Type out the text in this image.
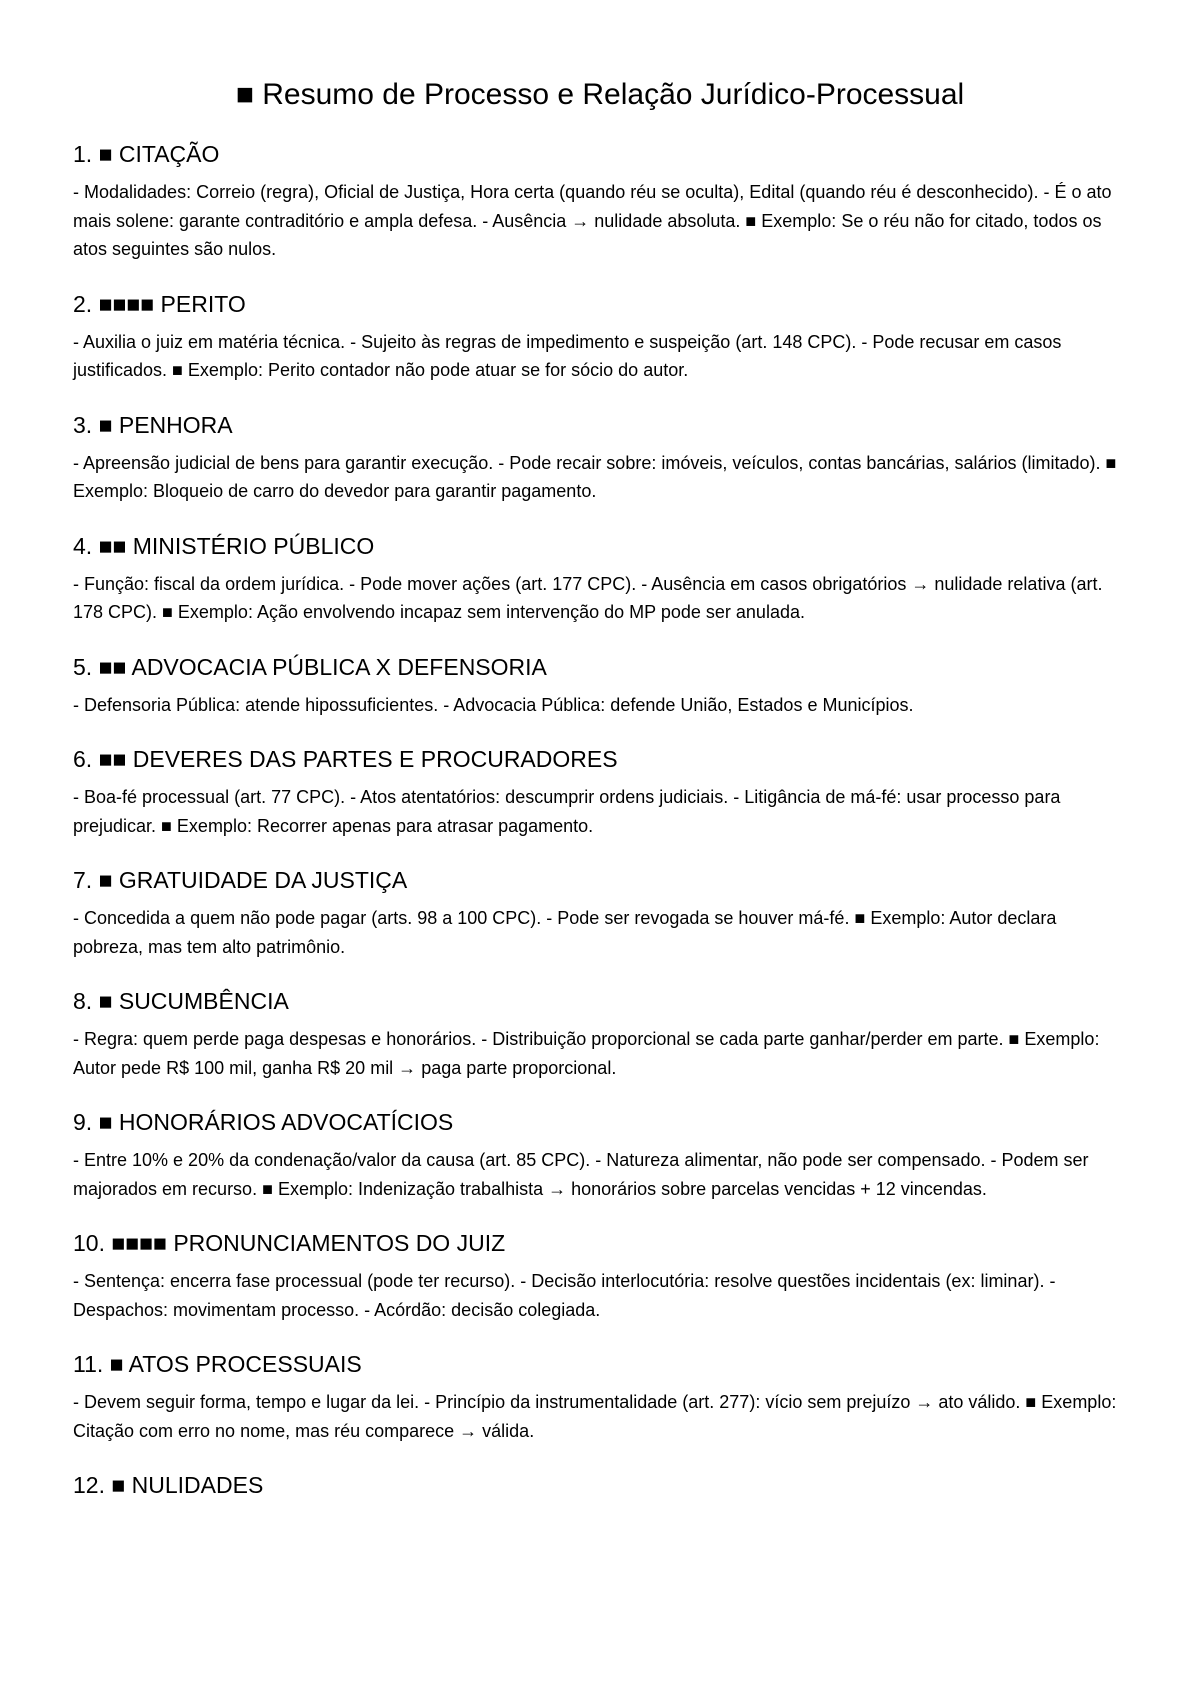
■ Resumo de Processo e Relação Jurídico-Processual
1. ■ CITAÇÃO

- Modalidades: Correio (regra), Oficial de Justiça, Hora certa (quando réu se oculta), Edital (quando réu é desconhecido). - É o ato mais solene: garante contraditório e ampla defesa. - Ausência → nulidade absoluta. ■ Exemplo: Se o réu não for citado, todos os atos seguintes são nulos.

2. ■■■■ PERITO

- Auxilia o juiz em matéria técnica. - Sujeito às regras de impedimento e suspeição (art. 148 CPC). - Pode recusar em casos justificados. ■ Exemplo: Perito contador não pode atuar se for sócio do autor.

3. ■ PENHORA

- Apreensão judicial de bens para garantir execução. - Pode recair sobre: imóveis, veículos, contas bancárias, salários (limitado). ■ Exemplo: Bloqueio de carro do devedor para garantir pagamento.

4. ■■ MINISTÉRIO PÚBLICO

- Função: fiscal da ordem jurídica. - Pode mover ações (art. 177 CPC). - Ausência em casos obrigatórios → nulidade relativa (art. 178 CPC). ■ Exemplo: Ação envolvendo incapaz sem intervenção do MP pode ser anulada.

5. ■■ ADVOCACIA PÚBLICA X DEFENSORIA

- Defensoria Pública: atende hipossuficientes. - Advocacia Pública: defende União, Estados e Municípios.

6. ■■ DEVERES DAS PARTES E PROCURADORES

- Boa-fé processual (art. 77 CPC). - Atos atentatórios: descumprir ordens judiciais. - Litigância de má-fé: usar processo para prejudicar. ■ Exemplo: Recorrer apenas para atrasar pagamento.

7. ■ GRATUIDADE DA JUSTIÇA

- Concedida a quem não pode pagar (arts. 98 a 100 CPC). - Pode ser revogada se houver má-fé. ■ Exemplo: Autor declara pobreza, mas tem alto patrimônio.

8. ■ SUCUMBÊNCIA

- Regra: quem perde paga despesas e honorários. - Distribuição proporcional se cada parte ganhar/perder em parte. ■ Exemplo: Autor pede R$ 100 mil, ganha R$ 20 mil → paga parte proporcional.

9. ■ HONORÁRIOS ADVOCATÍCIOS

- Entre 10% e 20% da condenação/valor da causa (art. 85 CPC). - Natureza alimentar, não pode ser compensado. - Podem ser majorados em recurso. ■ Exemplo: Indenização trabalhista → honorários sobre parcelas vencidas + 12 vincendas.

10. ■■■■ PRONUNCIAMENTOS DO JUIZ

- Sentença: encerra fase processual (pode ter recurso). - Decisão interlocutória: resolve questões incidentais (ex: liminar). - Despachos: movimentam processo. - Acórdão: decisão colegiada.

11. ■ ATOS PROCESSUAIS

- Devem seguir forma, tempo e lugar da lei. - Princípio da instrumentalidade (art. 277): vício sem prejuízo → ato válido. ■ Exemplo: Citação com erro no nome, mas réu comparece → válida.

12. ■ NULIDADES
